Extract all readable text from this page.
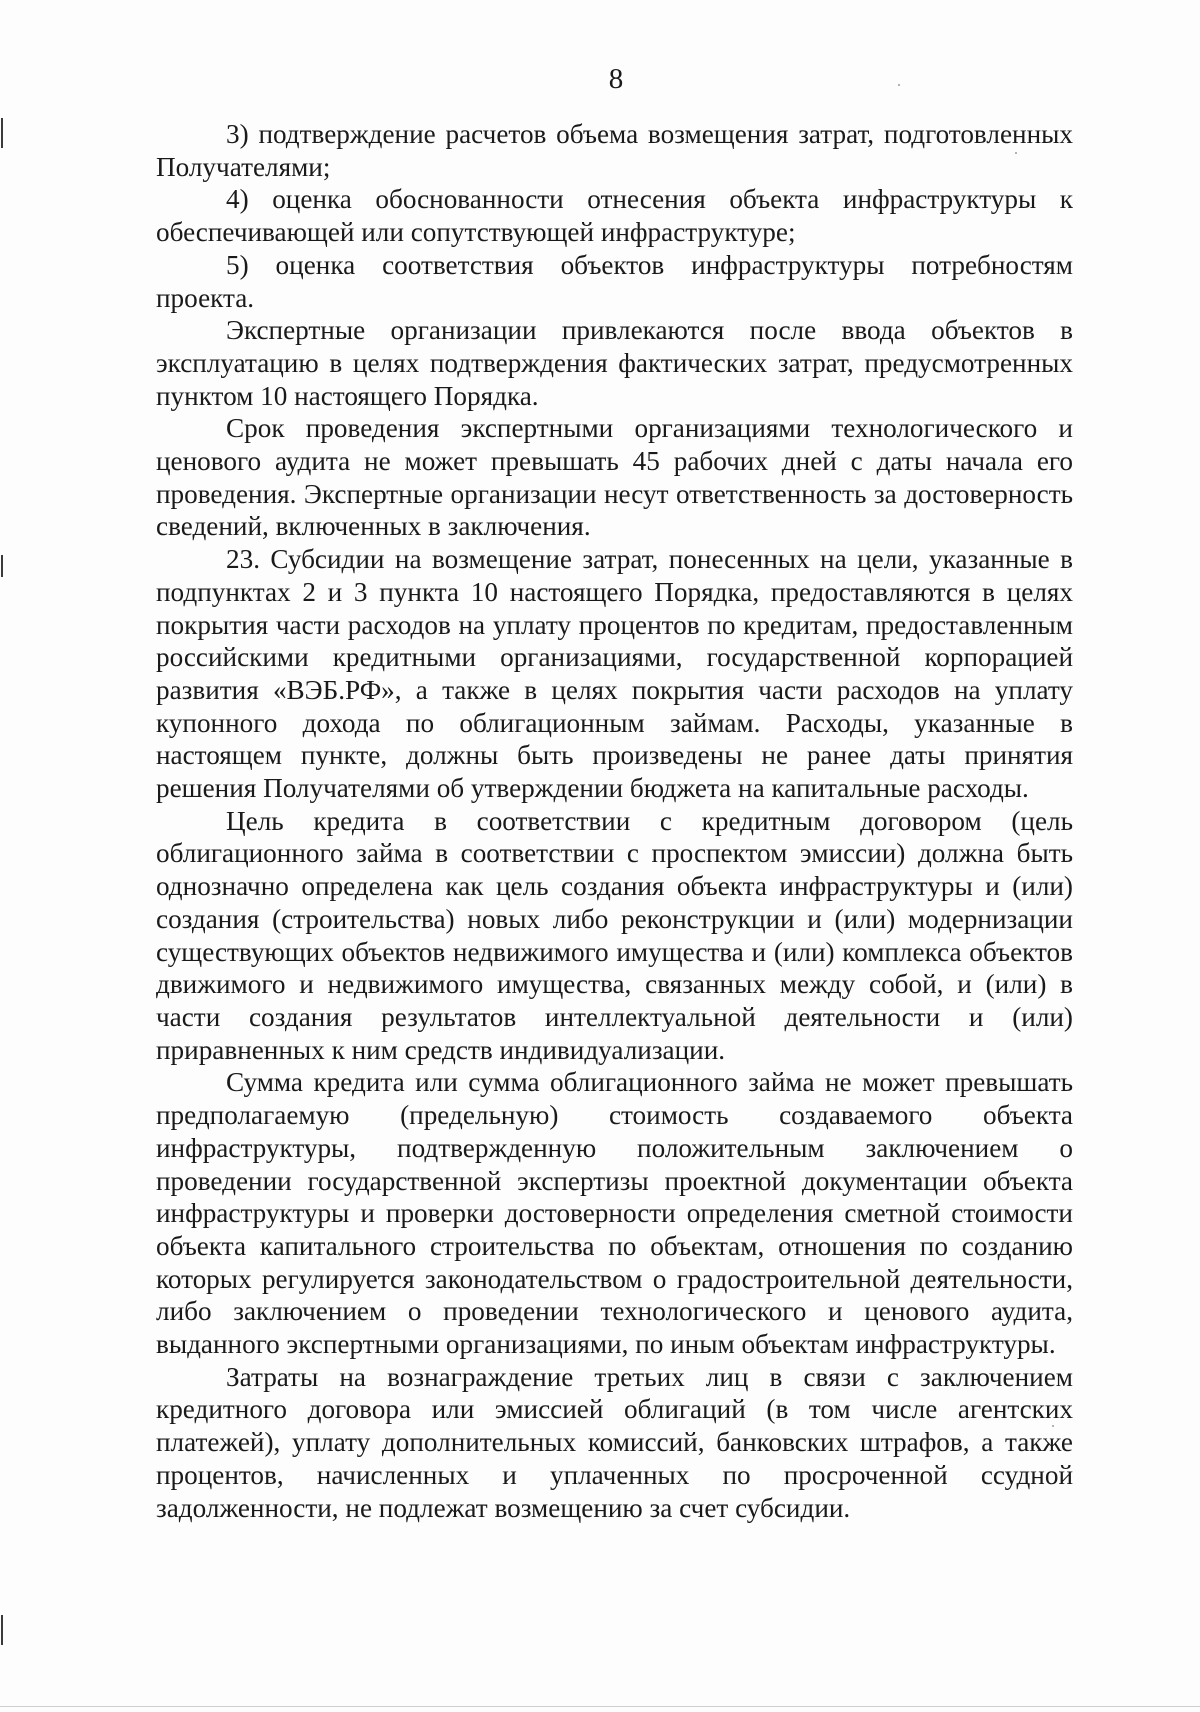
8

3) подтверждение расчетов объема возмещения затрат, подготовленных Получателями;

4) оценка обоснованности отнесения объекта инфраструктуры к обеспечивающей или сопутствующей инфраструктуре;

5) оценка соответствия объектов инфраструктуры потребностям проекта.

Экспертные организации привлекаются после ввода объектов в эксплуатацию в целях подтверждения фактических затрат, предусмотренных пунктом 10 настоящего Порядка.

Срок проведения экспертными организациями технологического и ценового аудита не может превышать 45 рабочих дней с даты начала его проведения. Экспертные организации несут ответственность за достоверность сведений, включенных в заключения.

23. Субсидии на возмещение затрат, понесенных на цели, указанные в подпунктах 2 и 3 пункта 10 настоящего Порядка, предоставляются в целях покрытия части расходов на уплату процентов по кредитам, предоставленным российскими кредитными организациями, государственной корпорацией развития «ВЭБ.РФ», а также в целях покрытия части расходов на уплату купонного дохода по облигационным займам. Расходы, указанные в настоящем пункте, должны быть произведены не ранее даты принятия решения Получателями об утверждении бюджета на капитальные расходы.

Цель кредита в соответствии с кредитным договором (цель облигационного займа в соответствии с проспектом эмиссии) должна быть однозначно определена как цель создания объекта инфраструктуры и (или) создания (строительства) новых либо реконструкции и (или) модернизации существующих объектов недвижимого имущества и (или) комплекса объектов движимого и недвижимого имущества, связанных между собой, и (или) в части создания результатов интеллектуальной деятельности и (или) приравненных к ним средств индивидуализации.

Сумма кредита или сумма облигационного займа не может превышать предполагаемую (предельную) стоимость создаваемого объекта инфраструктуры, подтвержденную положительным заключением о проведении государственной экспертизы проектной документации объекта инфраструктуры и проверки достоверности определения сметной стоимости объекта капитального строительства по объектам, отношения по созданию которых регулируется законодательством о градостроительной деятельности, либо заключением о проведении технологического и ценового аудита, выданного экспертными организациями, по иным объектам инфраструктуры.

Затраты на вознаграждение третьих лиц в связи с заключением кредитного договора или эмиссией облигаций (в том числе агентских платежей), уплату дополнительных комиссий, банковских штрафов, а также процентов, начисленных и уплаченных по просроченной ссудной задолженности, не подлежат возмещению за счет субсидии.
